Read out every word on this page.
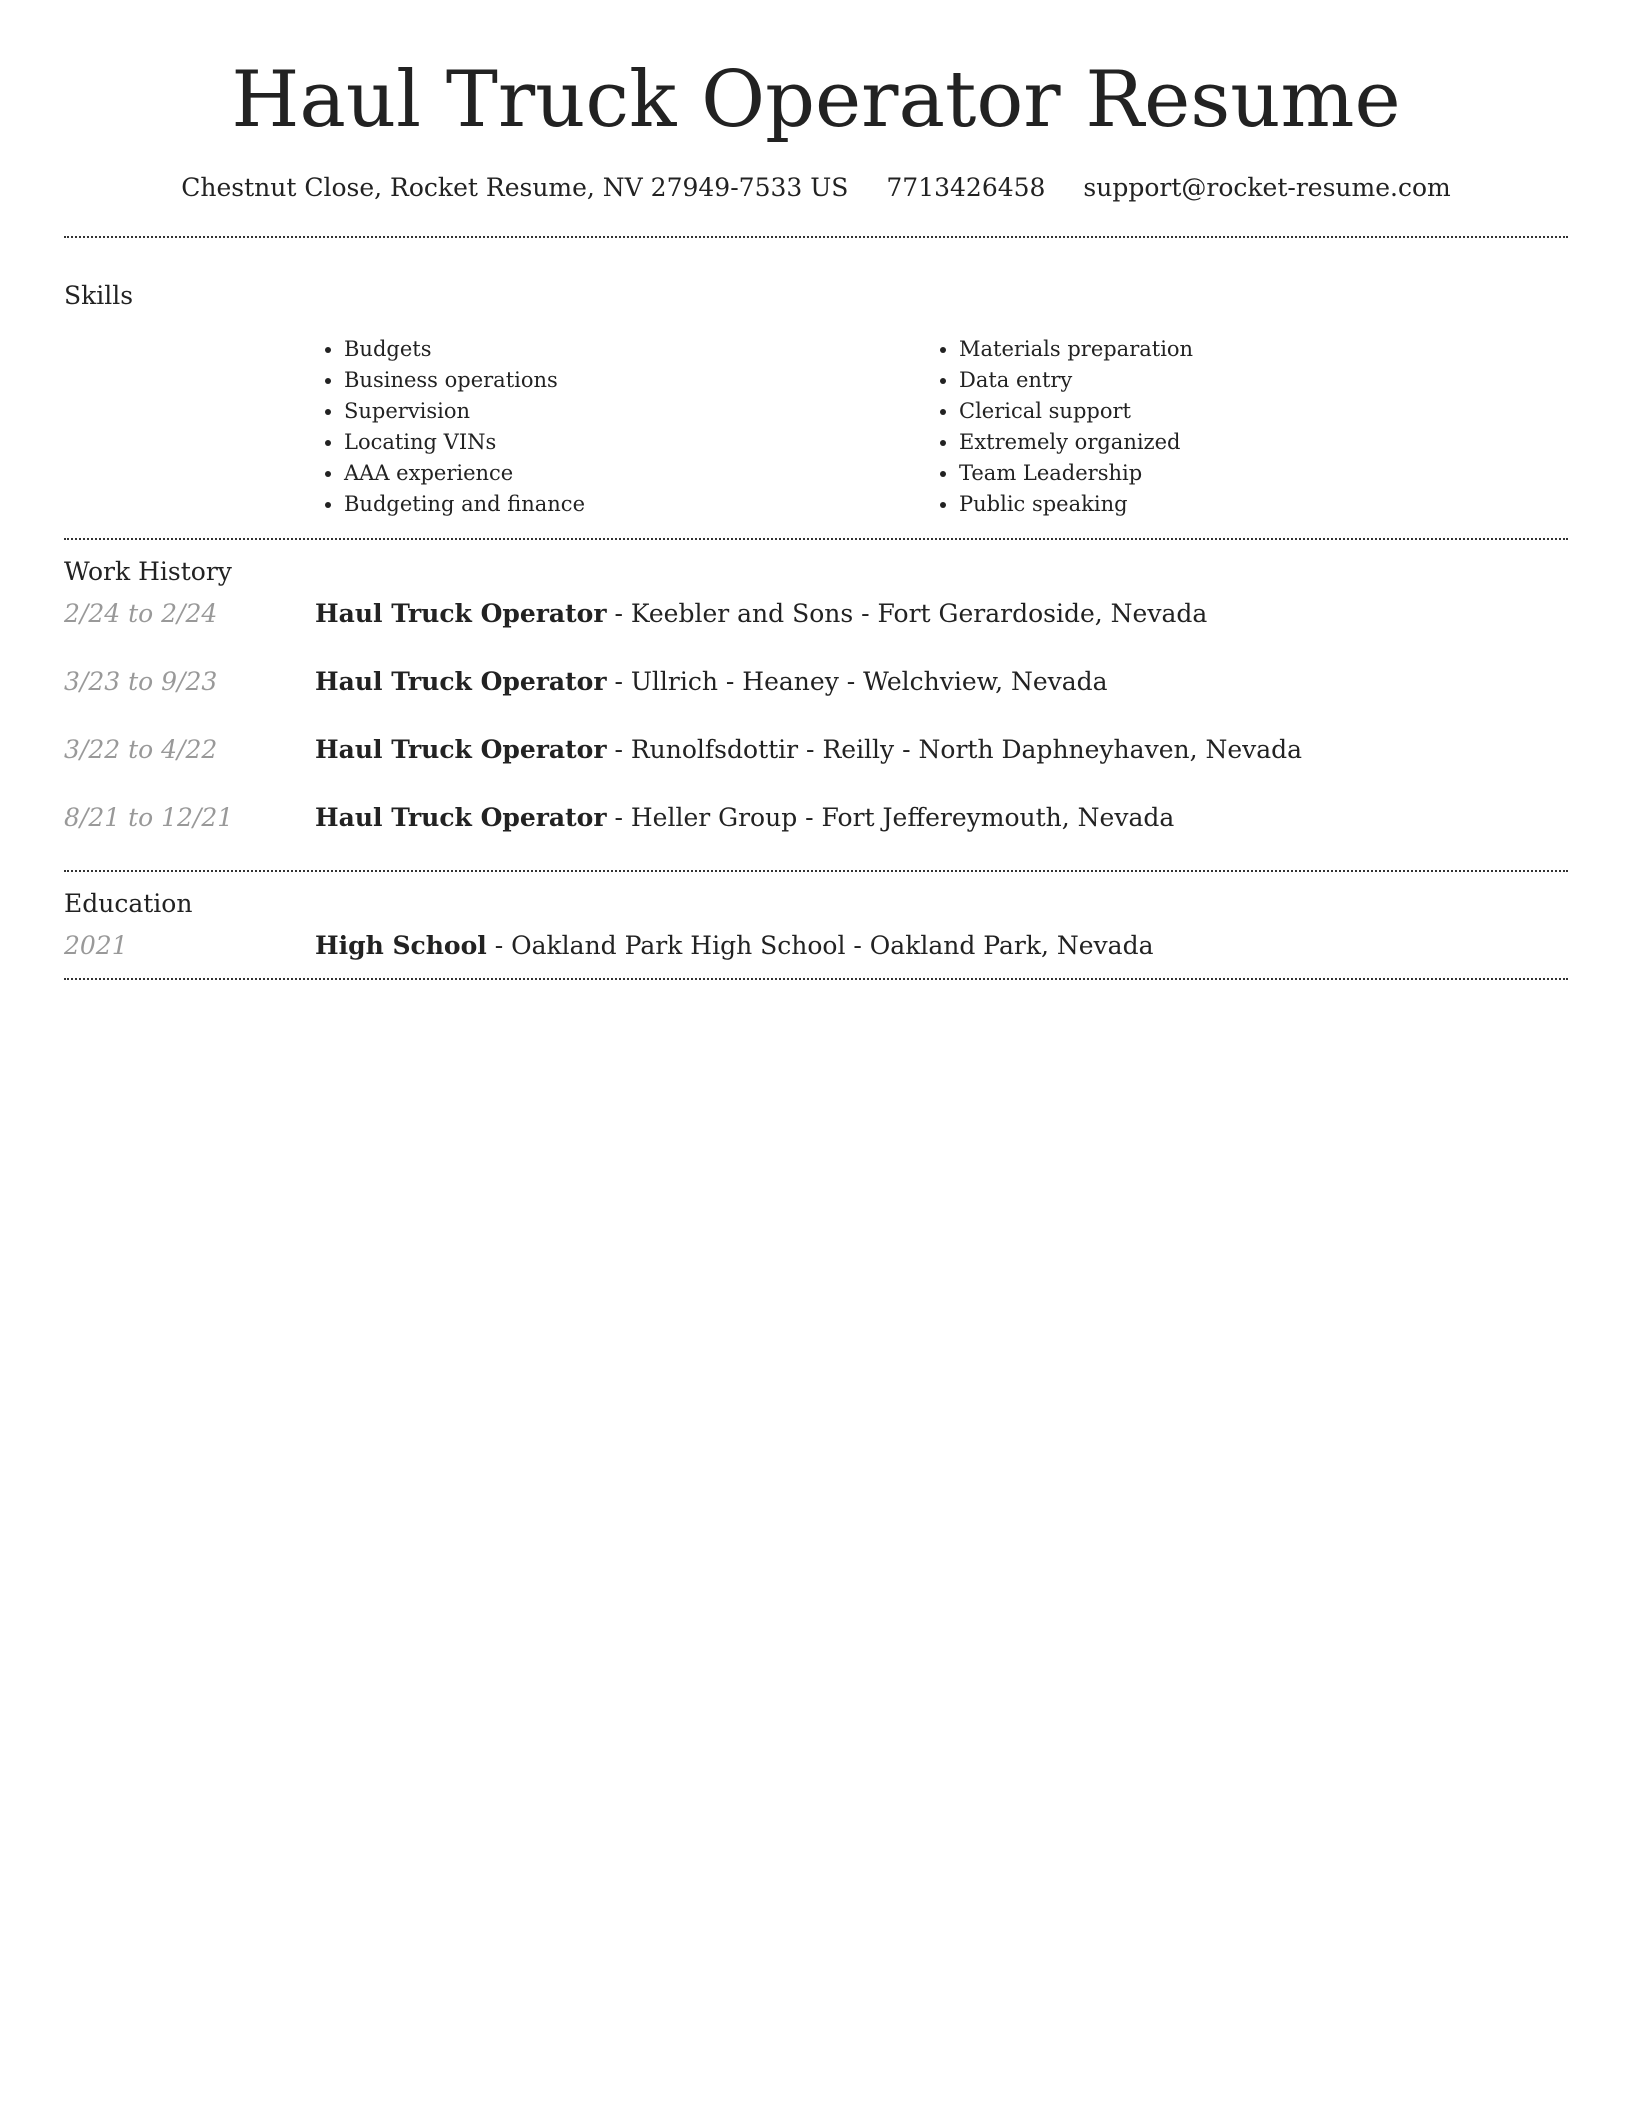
Haul Truck Operator Resume
Chestnut Close, Rocket Resume, NV 27949-7533 US 7713426458 support@rocket-resume.com
Skills
• Budgets
• Business operations
• Supervision
• Locating VINs
• AAA experience
• Budgeting and finance
• Materials preparation
• Data entry
• Clerical support
• Extremely organized
• Team Leadership
• Public speaking
Work History
2/24 to 2/24	Haul Truck Operator - Keebler and Sons - Fort Gerardoside, Nevada
3/23 to 9/23	Haul Truck Operator - Ullrich - Heaney - Welchview, Nevada
3/22 to 4/22	Haul Truck Operator - Runolfsdottir - Reilly - North Daphneyhaven, Nevada
8/21 to 12/21	Haul Truck Operator - Heller Group - Fort Jeffereymouth, Nevada
Education
2021	High School - Oakland Park High School - Oakland Park, Nevada
